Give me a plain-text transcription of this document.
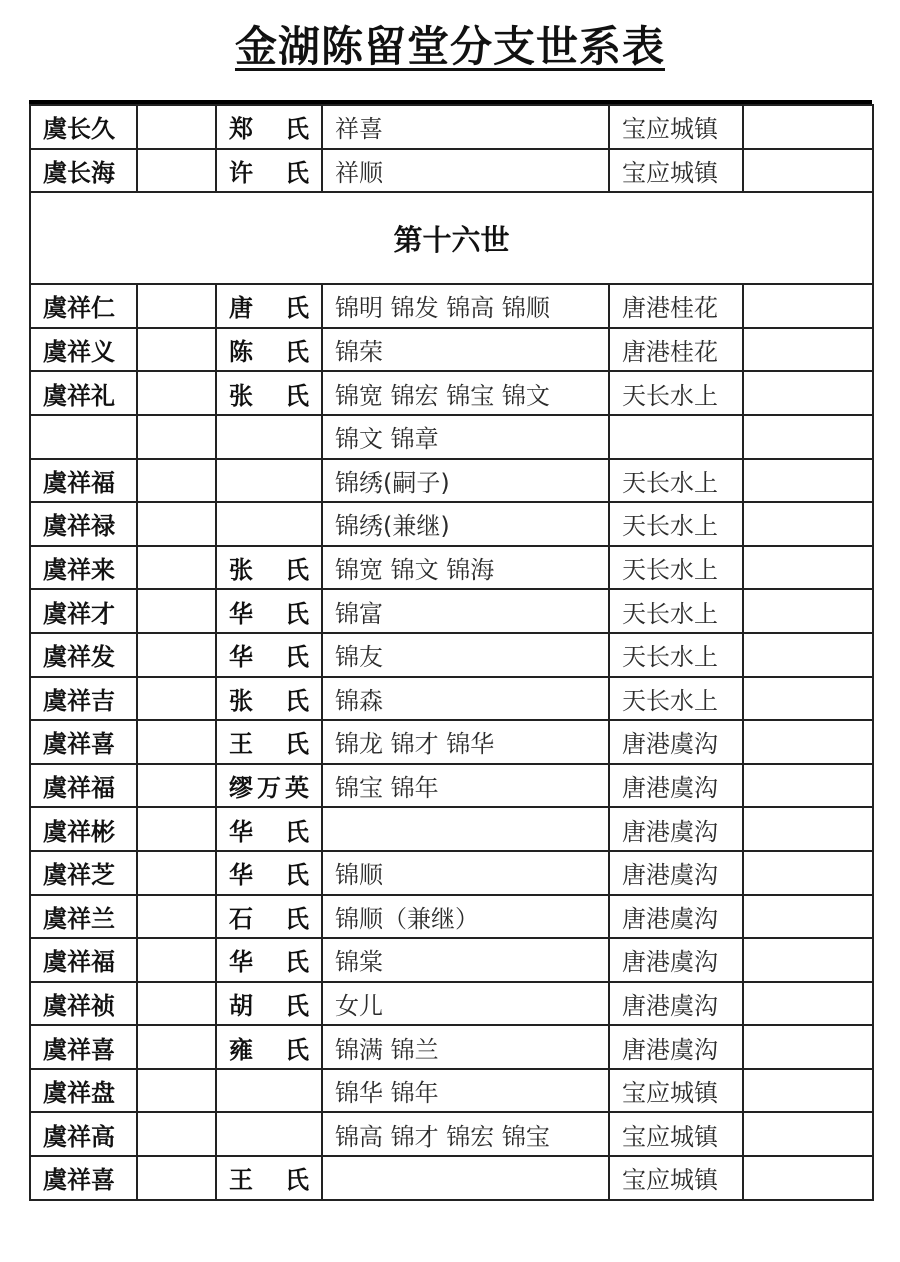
金湖陈留堂分支世系表
虞长久		郑 氏	祥喜	宝应城镇	
虞长海		许 氏	祥顺	宝应城镇	
第十六世					
虞祥仁		唐 氏	锦明 锦发 锦高 锦顺	唐港桂花	
虞祥义		陈 氏	锦荣	唐港桂花	
虞祥礼		张 氏	锦宽 锦宏 锦宝 锦文	天长水上	
			锦文 锦章		
虞祥福			锦绣(嗣子)	天长水上	
虞祥禄			锦绣(兼继)	天长水上	
虞祥来		张 氏	锦宽 锦文 锦海	天长水上	
虞祥才		华 氏	锦富	天长水上	
虞祥发		华 氏	锦友	天长水上	
虞祥吉		张 氏	锦森	天长水上	
虞祥喜		王 氏	锦龙 锦才 锦华	唐港虞沟	
虞祥福		缪万英	锦宝 锦年	唐港虞沟	
虞祥彬		华 氏		唐港虞沟	
虞祥芝		华 氏	锦顺	唐港虞沟	
虞祥兰		石 氏	锦顺（兼继）	唐港虞沟	
虞祥福		华 氏	锦棠	唐港虞沟	
虞祥祯		胡 氏	女儿	唐港虞沟	
虞祥喜		雍 氏	锦满 锦兰	唐港虞沟	
虞祥盘			锦华 锦年	宝应城镇	
虞祥高			锦高 锦才 锦宏 锦宝	宝应城镇	
虞祥喜		王 氏		宝应城镇	
